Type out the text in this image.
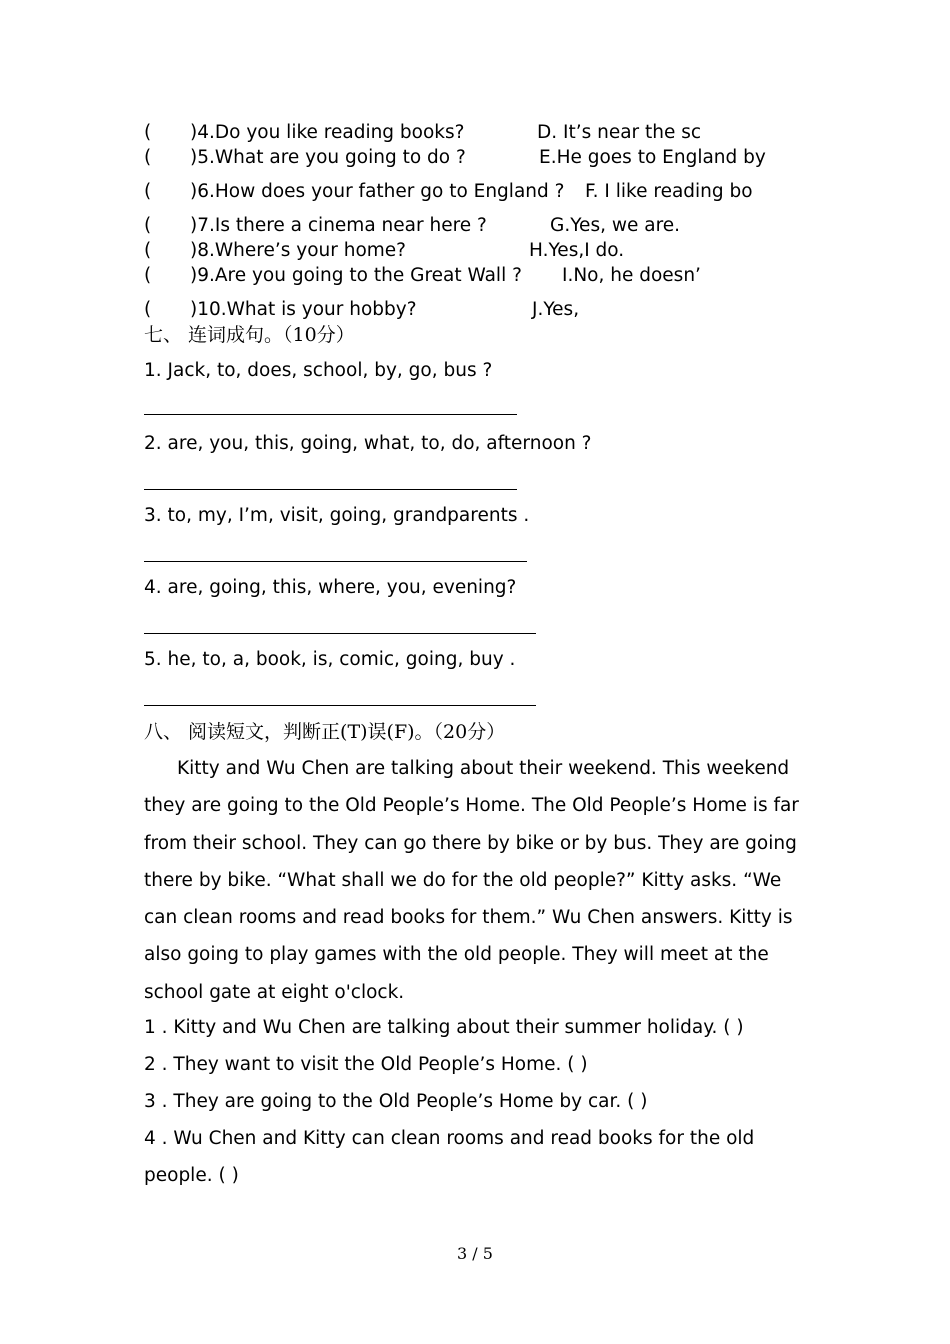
( )4.Do you like reading books?	D. It’s near the sc
( )5.What are you going to do ?	E.He goes to England by
( )6.How does your father go to England ? F. I like reading bo
( )7.Is there a cinema near here ?	G.Yes, we are.
( )8.Where’s your home?	H.Yes,I do.
( )9.Are you going to the Great Wall ? I.No, he doesn’
( )10.What is your hobby?	J.Yes,
七、 连词成句。（10分）
1. Jack, to, does, school, by, go, bus ?
2. are, you, this, going, what, to, do, afternoon ?
3. to, my, I’m, visit, going, grandparents .
4. are, going, this, where, you, evening?
5. he, to, a, book, is, comic, going, buy .
八、 阅读短文，判断正(T)误(F)。（20分）
Kitty and Wu Chen are talking about their weekend. This weekend they are going to the Old People’s Home. The Old People’s Home is far from their school. They can go there by bike or by bus. They are going there by bike. “What shall we do for the old people?” Kitty asks. “We can clean rooms and read books for them.” Wu Chen answers. Kitty is also going to play games with the old people. They will meet at the school gate at eight o'clock.
1 . Kitty and Wu Chen are talking about their summer holiday. ( )
2 . They want to visit the Old People’s Home. ( )
3 . They are going to the Old People’s Home by car. ( )
4 . Wu Chen and Kitty can clean rooms and read books for the old
people. ( )
3 / 5
